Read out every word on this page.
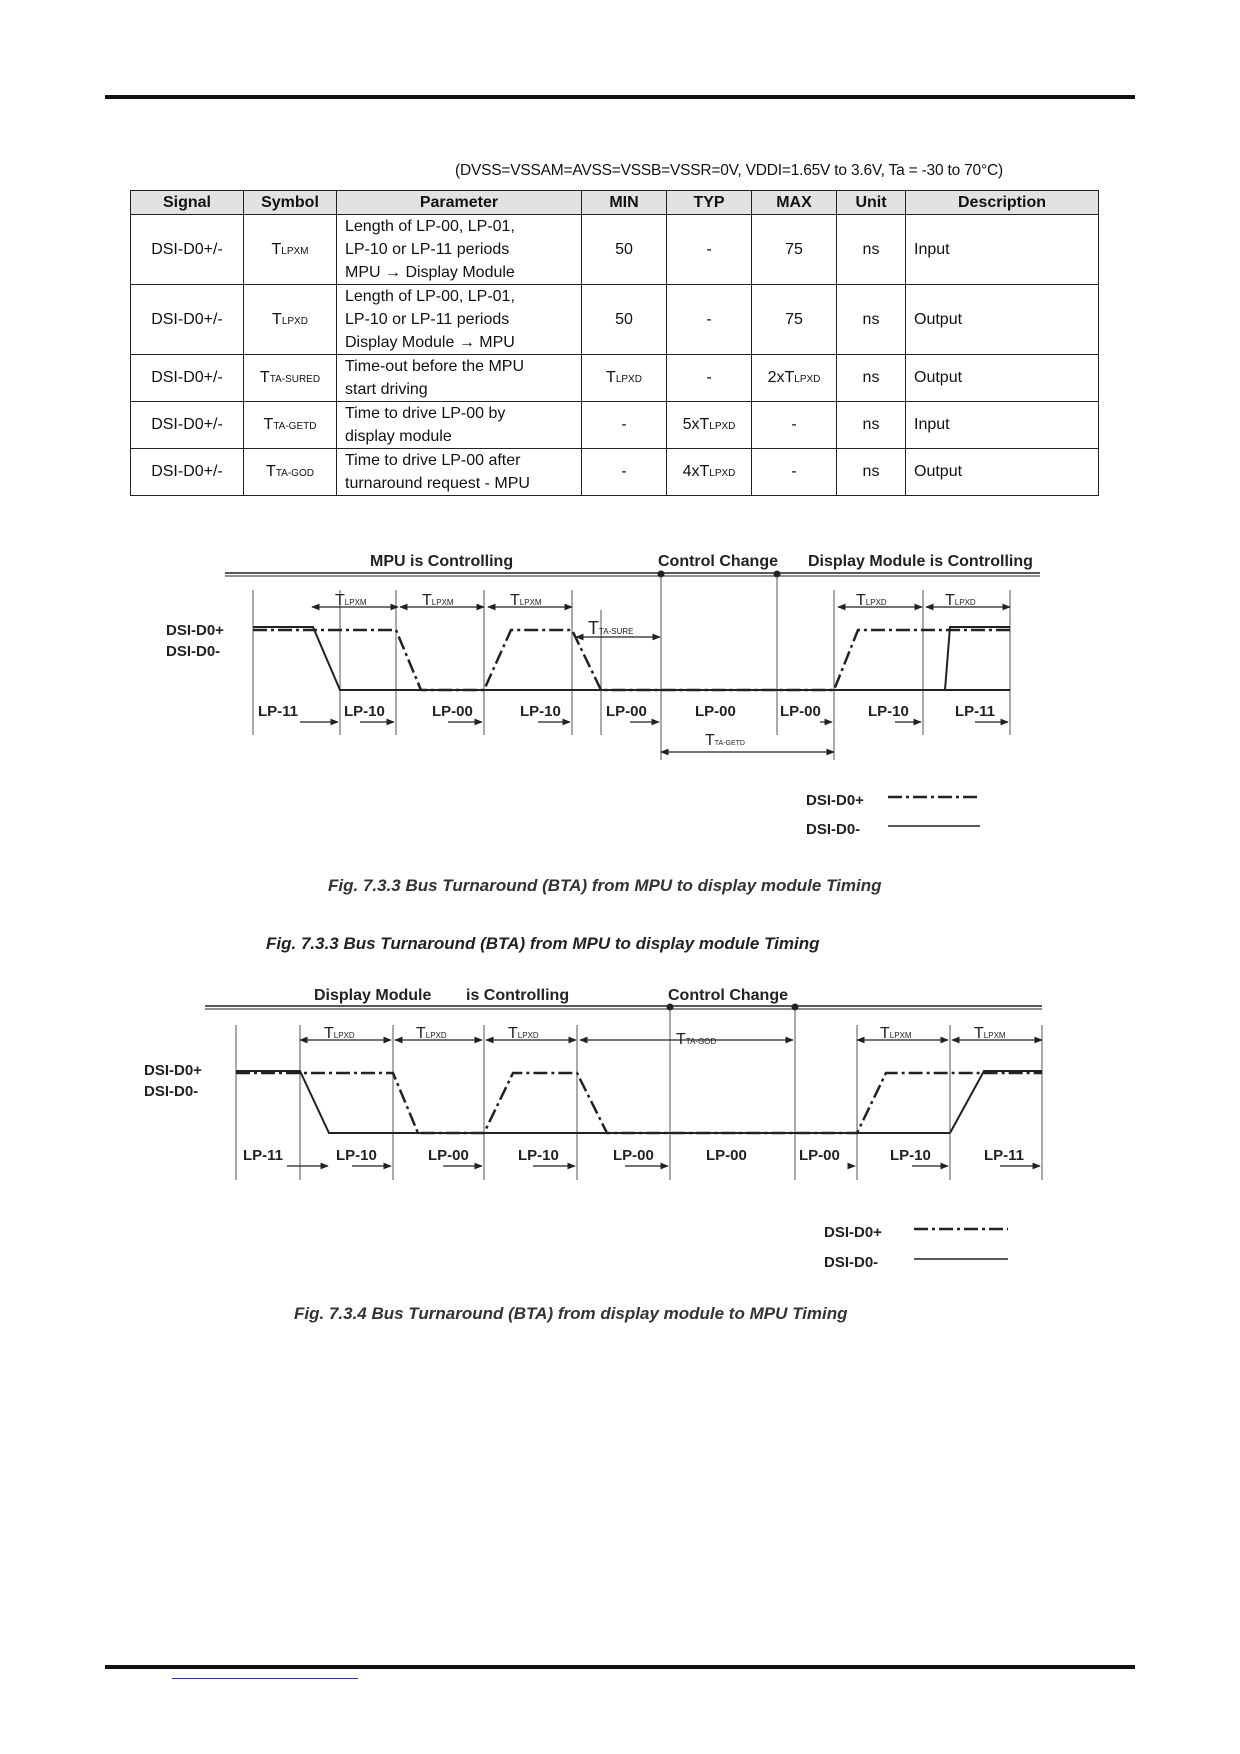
(DVSS=VSSAM=AVSS=VSSB=VSSR=0V, VDDI=1.65V to 3.6V, Ta = -30 to 70°C)
Signal	Symbol	Parameter	MIN	TYP	MAX	Unit	Description
DSI-D0+/-	TLPXM	Length of LP-00, LP-01,
LP-10 or LP-11 periods
MPU → Display Module	50	-	75	ns	Input
DSI-D0+/-	TLPXD	Length of LP-00, LP-01,
LP-10 or LP-11 periods
Display Module → MPU	50	-	75	ns	Output
DSI-D0+/-	TTA-SURED	Time-out before the MPU
start driving	TLPXD	-	2xTLPXD	ns	Output
DSI-D0+/-	TTA-GETD	Time to drive LP-00 by
display module	-	5xTLPXD	-	ns	Input
DSI-D0+/-	TTA-GOD	Time to drive LP-00 after
turnaround request - MPU	-	4xTLPXD	-	ns	Output
MPU is Controlling	Control Change Display Module is Controlling
DSI-D0+
DSI-D0-
DSI-D0+
DSI-D0-
TLPXM	TLPXM	TLPXM
TTA-SURE
TTA-GETD
TLPXD	TLPXD
LP-11	LP-10	LP-00	LP-10	LP-00	LP-00	LP-00	LP-10	LP-11
Fig. 7.3.3 Bus Turnaround (BTA) from MPU to display module Timing
Fig. 7.3.3 Bus Turnaround (BTA) from MPU to display module Timing
Display Module is Controlling	Control Change
DSI-D0+
DSI-D0-
DSI-D0+
DSI-D0-
TLPXD	TLPXD	TLPXD	TTA-GOD	TLPXM	TLPXM
LP-11	LP-10	LP-00	LP-10	LP-00	LP-00	LP-00	LP-10	LP-11
Fig. 7.3.4 Bus Turnaround (BTA) from display module to MPU Timing
